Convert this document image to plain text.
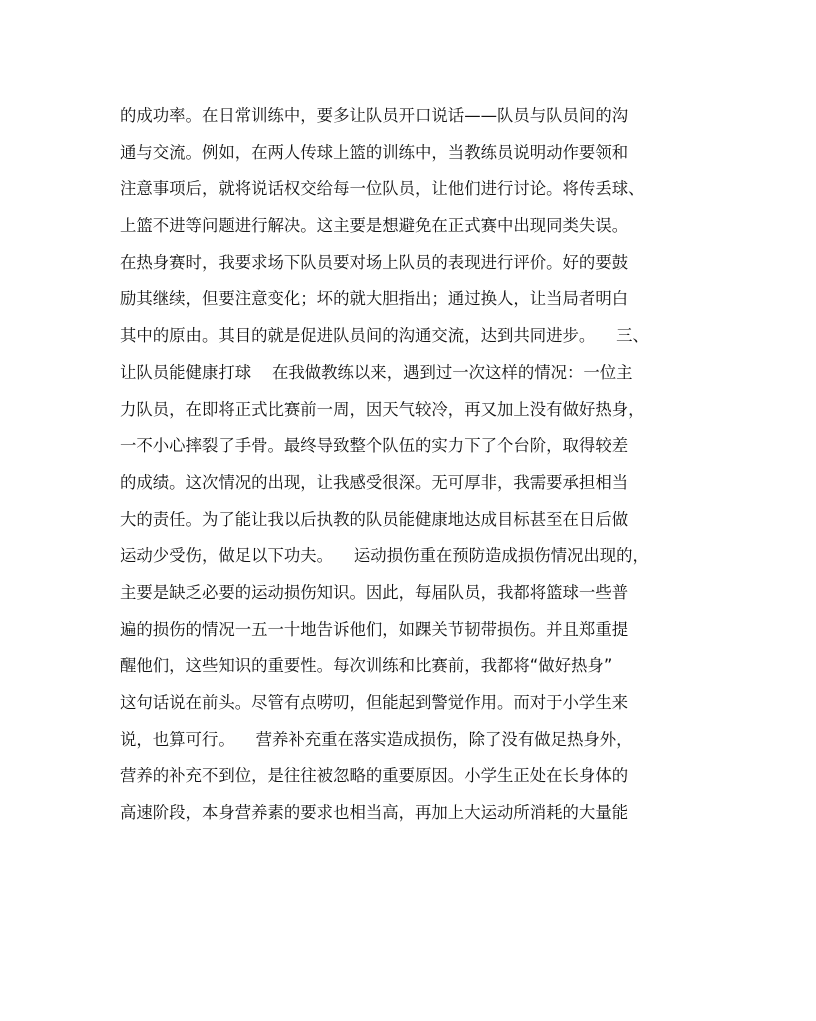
的成功率。在日常训练中，要多让队员开口说话——队员与队员间的沟
通与交流。例如，在两人传球上篮的训练中，当教练员说明动作要领和
注意事项后，就将说话权交给每一位队员，让他们进行讨论。将传丢球、
上篮不进等问题进行解决。这主要是想避免在正式赛中出现同类失误。
在热身赛时，我要求场下队员要对场上队员的表现进行评价。好的要鼓
励其继续，但要注意变化；坏的就大胆指出；通过换人，让当局者明白
其中的原由。其目的就是促进队员间的沟通交流，达到共同进步。    三、
让队员能健康打球    在我做教练以来，遇到过一次这样的情况：一位主
力队员，在即将正式比赛前一周，因天气较冷，再又加上没有做好热身，
一不小心摔裂了手骨。最终导致整个队伍的实力下了个台阶，取得较差
的成绩。这次情况的出现，让我感受很深。无可厚非，我需要承担相当
大的责任。为了能让我以后执教的队员能健康地达成目标甚至在日后做
运动少受伤，做足以下功夫。    运动损伤重在预防造成损伤情况出现的，
主要是缺乏必要的运动损伤知识。因此，每届队员，我都将篮球一些普
遍的损伤的情况一五一十地告诉他们，如踝关节韧带损伤。并且郑重提
醒他们，这些知识的重要性。每次训练和比赛前，我都将“做好热身”
这句话说在前头。尽管有点唠叨，但能起到警觉作用。而对于小学生来
说，也算可行。    营养补充重在落实造成损伤，除了没有做足热身外，
营养的补充不到位，是往往被忽略的重要原因。小学生正处在长身体的
高速阶段，本身营养素的要求也相当高，再加上大运动所消耗的大量能
